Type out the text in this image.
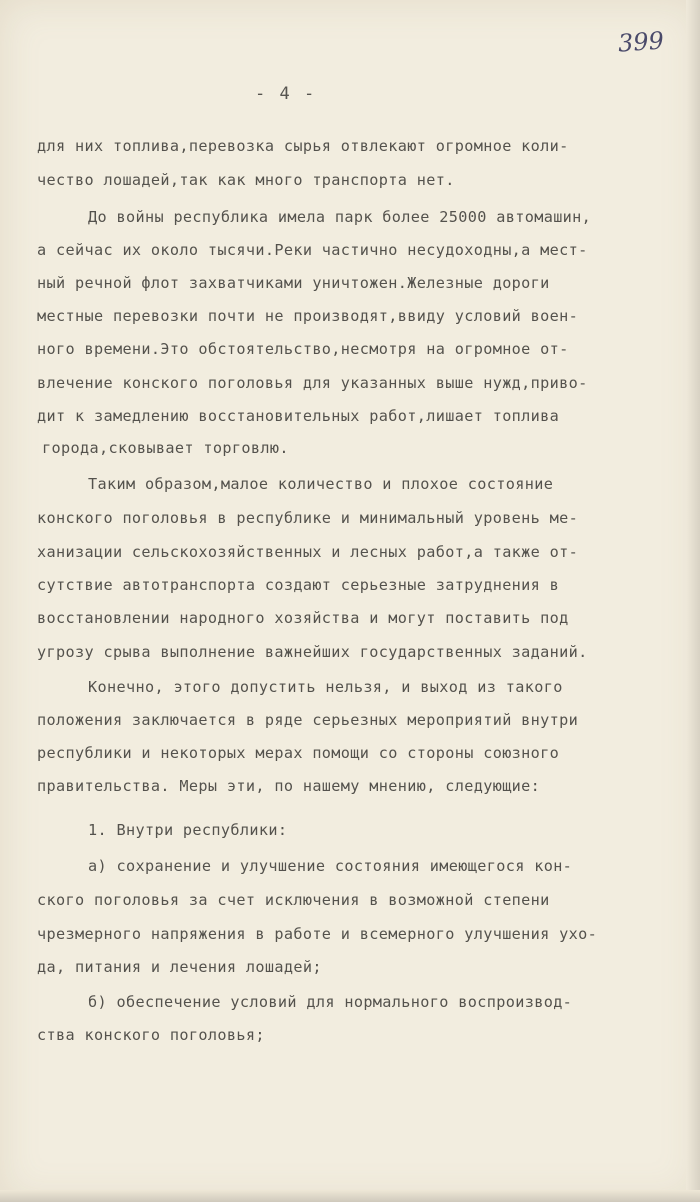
399
- 4 -
для них топлива,перевозка сырья отвлекают огромное коли-
чество лошадей,так как много транспорта нет.
До войны республика имела парк более 25000 автомашин,
а сейчас их около тысячи.Реки частично несудоходны,а мест-
ный речной флот захватчиками уничтожен.Железные дороги
местные перевозки почти не производят,ввиду условий воен-
ного времени.Это обстоятельство,несмотря на огромное от-
влечение конского поголовья для указанных выше нужд,приво-
дит к замедлению восстановительных работ,лишает топлива
города,сковывает торговлю.
Таким образом,малое количество и плохое состояние
конского поголовья в республике и минимальный уровень ме-
ханизации сельскохозяйственных и лесных работ,а также от-
сутствие автотранспорта создают серьезные затруднения в
восстановлении народного хозяйства и могут поставить под
угрозу срыва выполнение важнейших государственных заданий.
Конечно, этого допустить нельзя, и выход из такого
положения заключается в ряде серьезных мероприятий внутри
республики и некоторых мерах помощи со стороны союзного
правительства. Меры эти, по нашему мнению, следующие:
1. Внутри республики:
а) сохранение и улучшение состояния имеющегося кон-
ского поголовья за счет исключения в возможной степени
чрезмерного напряжения в работе и всемерного улучшения ухо-
да, питания и лечения лошадей;
б) обеспечение условий для нормального воспроизвод-
ства конского поголовья;
